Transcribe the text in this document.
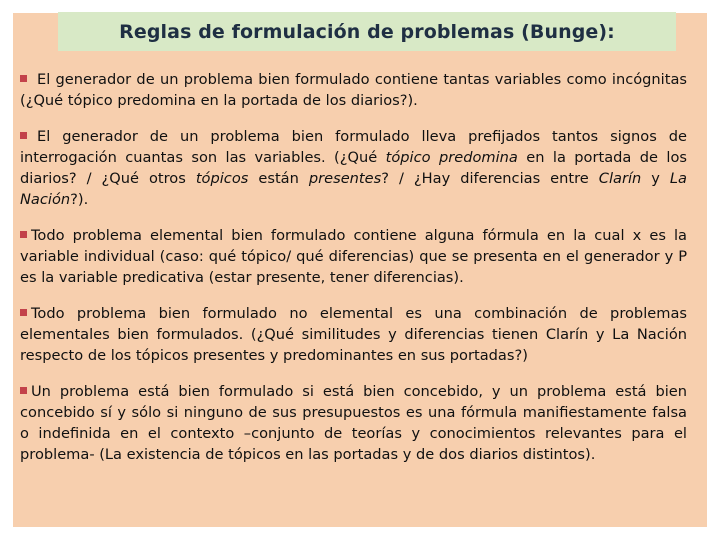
Reglas de formulación de problemas (Bunge):

El generador de un problema bien formulado contiene tantas variables como incógnitas (¿Qué tópico predomina en la portada de los diarios?).

El generador de un problema bien formulado lleva prefijados tantos signos de interrogación cuantas son las variables. (¿Qué tópico predomina en la portada de los diarios? / ¿Qué otros tópicos están presentes? / ¿Hay diferencias entre Clarín y La Nación?).

Todo problema elemental bien formulado contiene alguna fórmula en la cual x es la variable individual (caso: qué tópico/ qué diferencias) que se presenta en el generador y P es la variable predicativa (estar presente, tener diferencias).

Todo problema bien formulado no elemental es una combinación de problemas elementales bien formulados. (¿Qué similitudes y diferencias tienen Clarín y La Nación respecto de los tópicos presentes y predominantes en sus portadas?)

Un problema está bien formulado si está bien concebido, y un problema está bien concebido sí y sólo si ninguno de sus presupuestos es una fórmula manifiestamente falsa o indefinida en el contexto –conjunto de teorías y conocimientos relevantes para el problema- (La existencia de tópicos en las portadas y de dos diarios distintos).
